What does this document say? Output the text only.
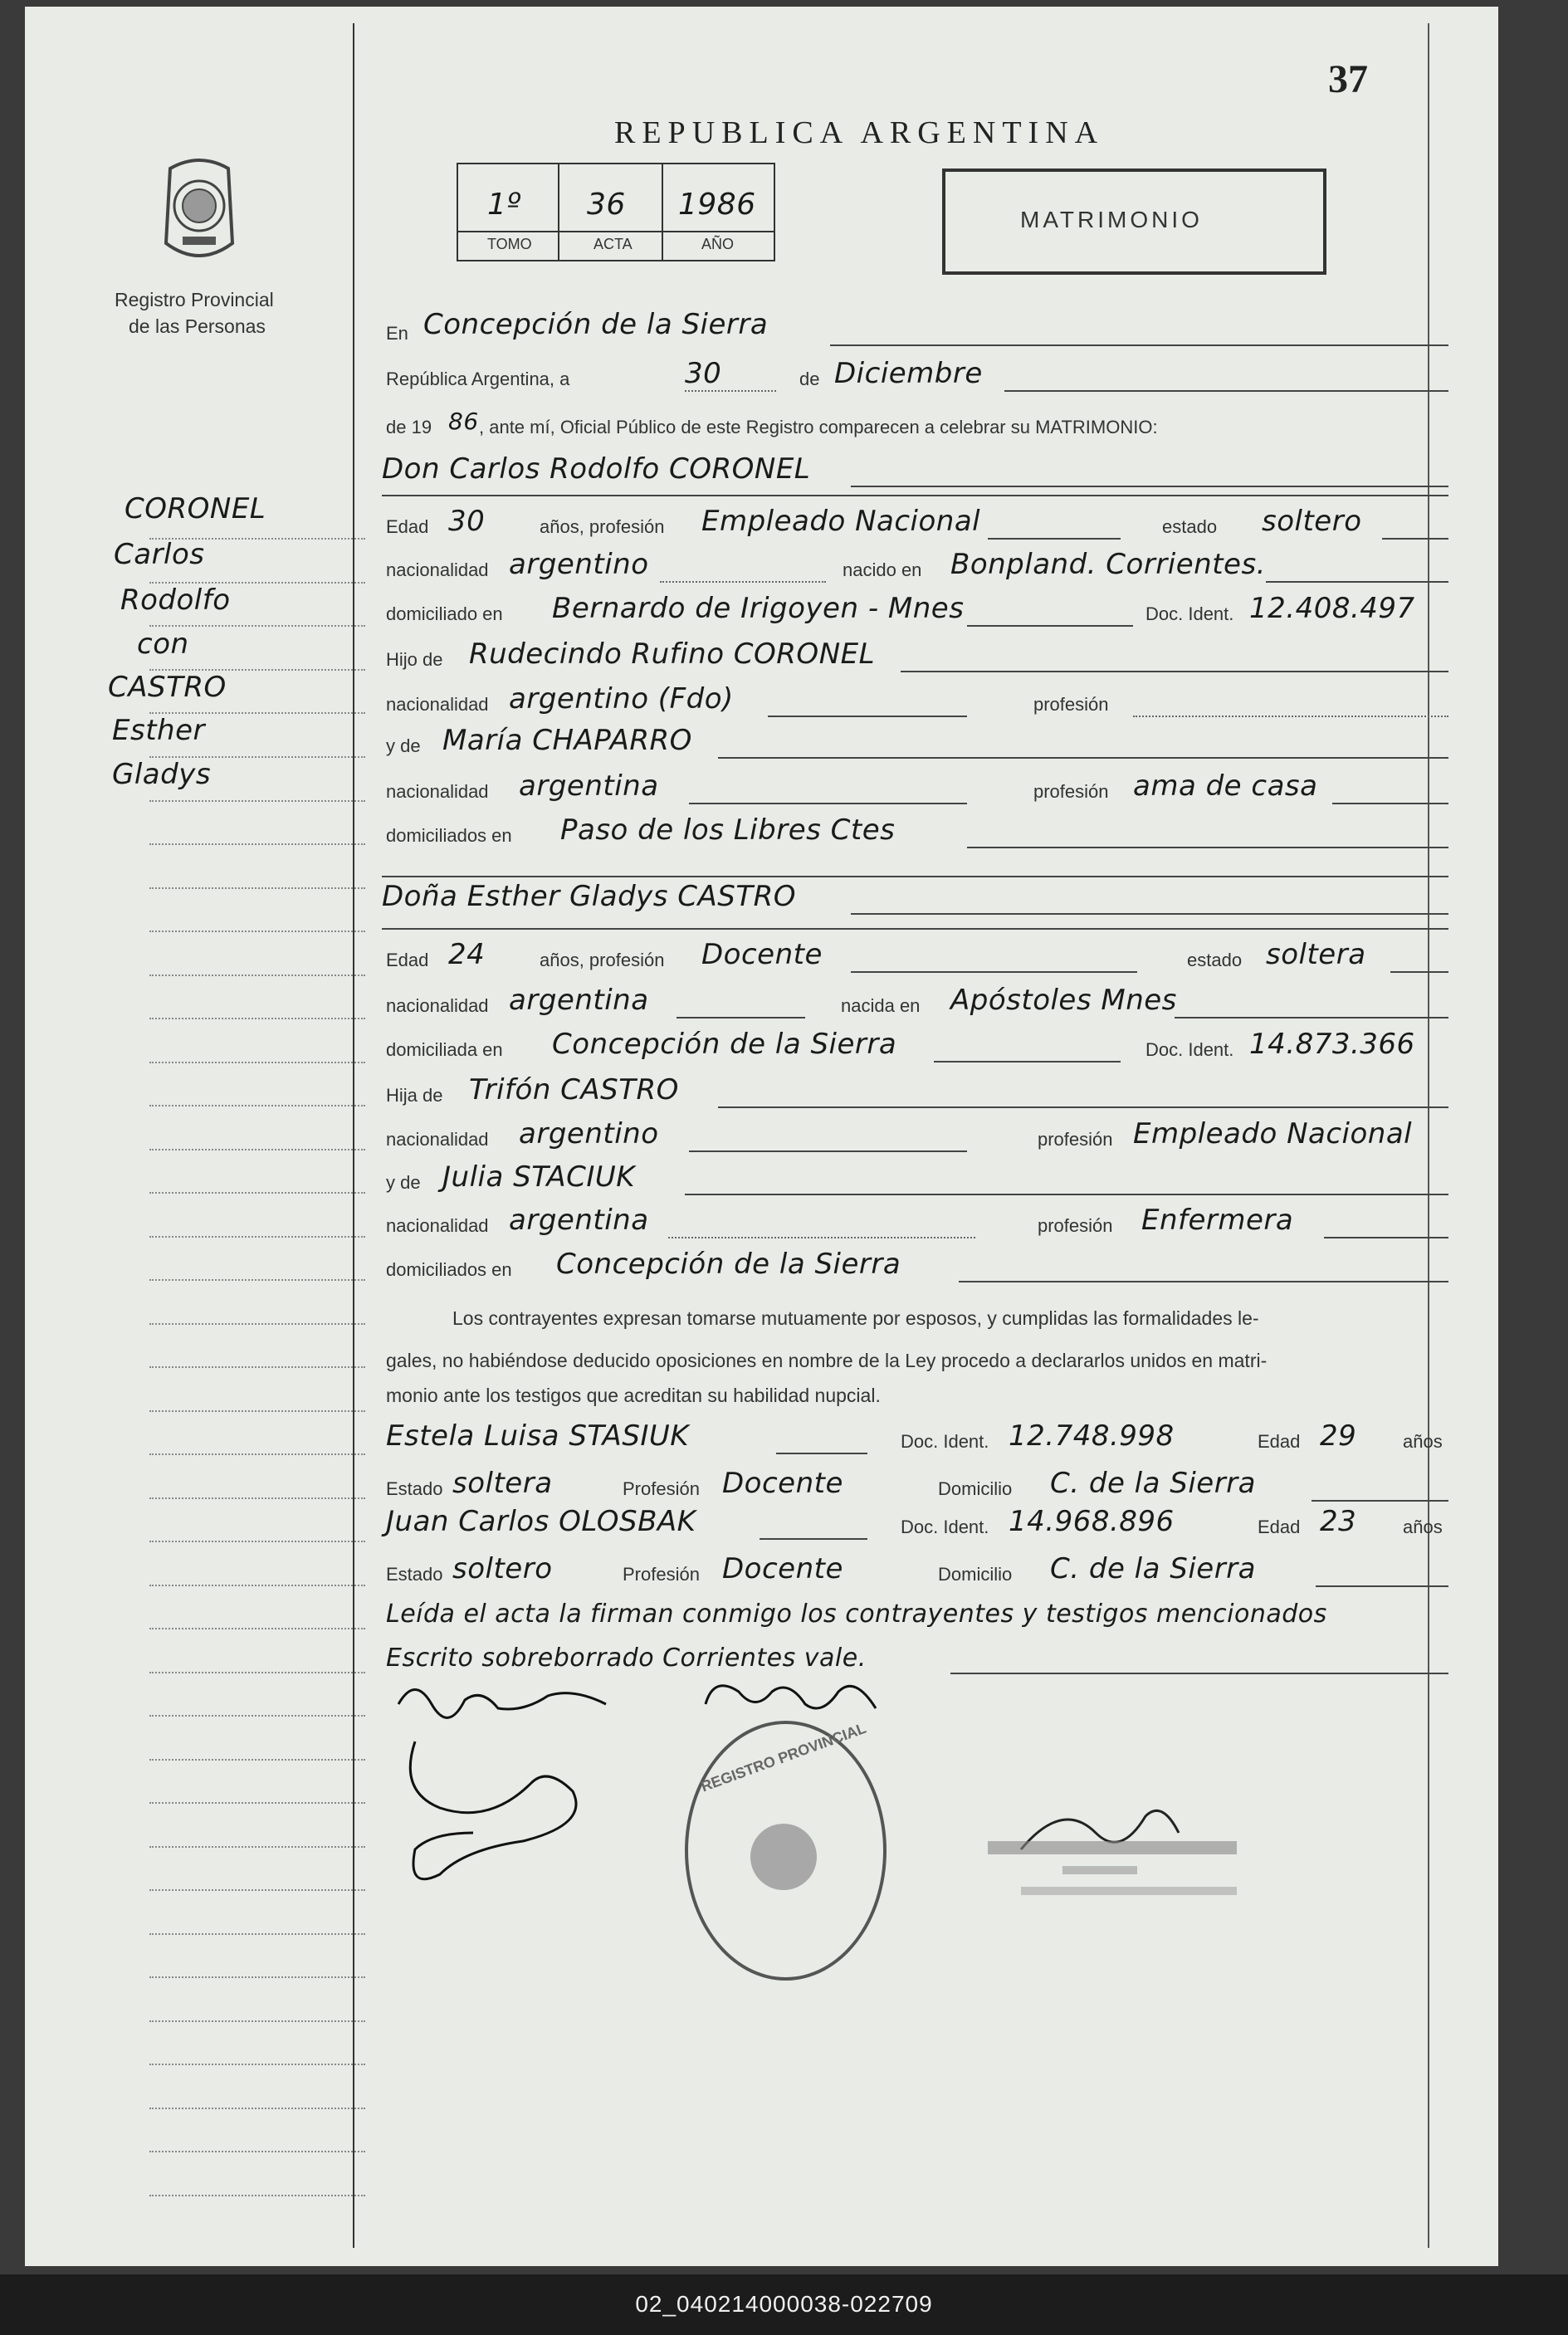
37
Registro Provincial
de las Personas
REPUBLICA ARGENTINA
1º 36 1986
TOMO	ACTA	AÑO
MATRIMONIO
CORONEL
Carlos
Rodolfo
con
CASTRO
Esther
Gladys
En Concepción de la Sierra
República Argentina, a	30	de Diciembre
de 19 86 , ante mí, Oficial Público de este Registro comparecen a celebrar su MATRIMONIO:
Don Carlos Rodolfo CORONEL
Edad 30	años, profesión Empleado Nacional	estado soltero
nacionalidad argentino	nacido en Bonpland. Corrientes.
domiciliado en Bernardo de Irigoyen - Mnes	Doc. Ident. 12.408.497
Hijo de Rudecindo Rufino CORONEL
nacionalidad argentino (Fdo)	profesión
y de María CHAPARRO
nacionalidad argentina	profesión ama de casa
domiciliados en Paso de los Libres Ctes
Doña Esther Gladys CASTRO
Edad 24	años, profesión Docente	estado soltera
nacionalidad argentina	nacida en Apóstoles Mnes
domiciliada en Concepción de la Sierra	Doc. Ident. 14.873.366
Hija de Trifón CASTRO
nacionalidad argentino	profesión Empleado Nacional
y de Julia STACIUK
nacionalidad argentina	profesión Enfermera
domiciliados en Concepción de la Sierra
Los contrayentes expresan tomarse mutuamente por esposos, y cumplidas las formalidades le-
gales, no habiéndose deducido oposiciones en nombre de la Ley procedo a declararlos unidos en matri-
monio ante los testigos que acreditan su habilidad nupcial.
Estela Luisa STASIUK	Doc. Ident. 12.748.998	Edad 29	años
Estado soltera	Profesión Docente	Domicilio C. de la Sierra
Juan Carlos OLOSBAK	Doc. Ident. 14.968.896	Edad 23	años
Estado soltero	Profesión Docente	Domicilio C. de la Sierra
Leída el acta la firman conmigo los contrayentes y testigos mencionados
Escrito sobreborrado Corrientes vale.
REGISTRO PROVINCIAL
02_040214000038-022709
